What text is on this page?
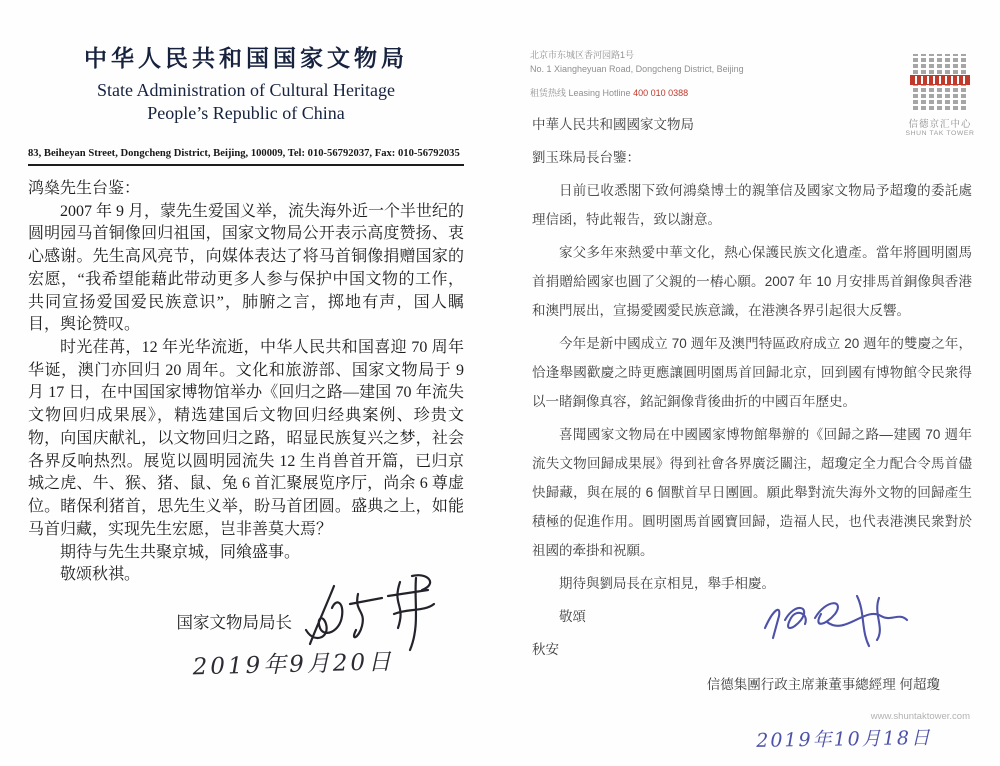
中华人民共和国国家文物局
State Administration of Cultural Heritage
People’s Republic of China
83, Beiheyan Street, Dongcheng District, Beijing, 100009, Tel: 010-56792037, Fax: 010-56792035

鸿燊先生台鉴：

2007 年 9 月，蒙先生爱国义举，流失海外近一个半世纪的圆明园马首铜像回归祖国，国家文物局公开表示高度赞扬、衷心感谢。先生高风亮节，向媒体表达了将马首铜像捐赠国家的宏愿，“我希望能藉此带动更多人参与保护中国文物的工作，共同宣扬爱国爱民族意识”，肺腑之言，掷地有声，国人瞩目，舆论赞叹。

时光荏苒，12 年光华流逝，中华人民共和国喜迎 70 周年华诞，澳门亦回归 20 周年。文化和旅游部、国家文物局于 9 月 17 日，在中国国家博物馆举办《回归之路—建国 70 年流失文物回归成果展》，精选建国后文物回归经典案例、珍贵文物，向国庆献礼，以文物回归之路，昭显民族复兴之梦，社会各界反响热烈。展览以圆明园流失 12 生肖兽首开篇，已归京城之虎、牛、猴、猪、鼠、兔 6 首汇聚展览序厅，尚余 6 尊虚位。睹保利猪首，思先生义举，盼马首团圆。盛典之上，如能马首归藏，实现先生宏愿，岂非善莫大焉？

期待与先生共聚京城，同飨盛事。

敬颂秋祺。

国家文物局局长
2019年9月20日
北京市东城区香河园路1号
No. 1 Xiangheyuan Road, Dongcheng District, Beijing
租赁热线 Leasing Hotline 400 010 0388
信德京汇中心
SHUN TAK TOWER

中華人民共和國國家文物局

劉玉珠局長台鑒：

日前已收悉閣下致何鴻燊博士的親筆信及國家文物局予超瓊的委託處理信函，特此報告，致以謝意。

家父多年來熱愛中華文化，熱心保護民族文化遺產。當年將圓明園馬首捐贈給國家也圓了父親的一樁心願。2007 年 10 月安排馬首銅像與香港和澳門展出，宣揚愛國愛民族意識，在港澳各界引起很大反響。

今年是新中國成立 70 週年及澳門特區政府成立 20 週年的雙慶之年，恰逢舉國歡慶之時更應讓圓明園馬首回歸北京，回到國有博物館令民衆得以一睹銅像真容，銘記銅像背後曲折的中國百年歷史。

喜聞國家文物局在中國國家博物館舉辦的《回歸之路—建國 70 週年流失文物回歸成果展》得到社會各界廣泛關注，超瓊定全力配合令馬首儘快歸藏，與在展的 6 個獸首早日團圓。願此舉對流失海外文物的回歸產生積極的促進作用。圓明園馬首國寶回歸，造福人民，也代表港澳民衆對於祖國的牽掛和祝願。

期待與劉局長在京相見，舉手相慶。

敬頌

秋安

信德集團行政主席兼董事總經理 何超瓊
2019年10月18日
www.shuntaktower.com
